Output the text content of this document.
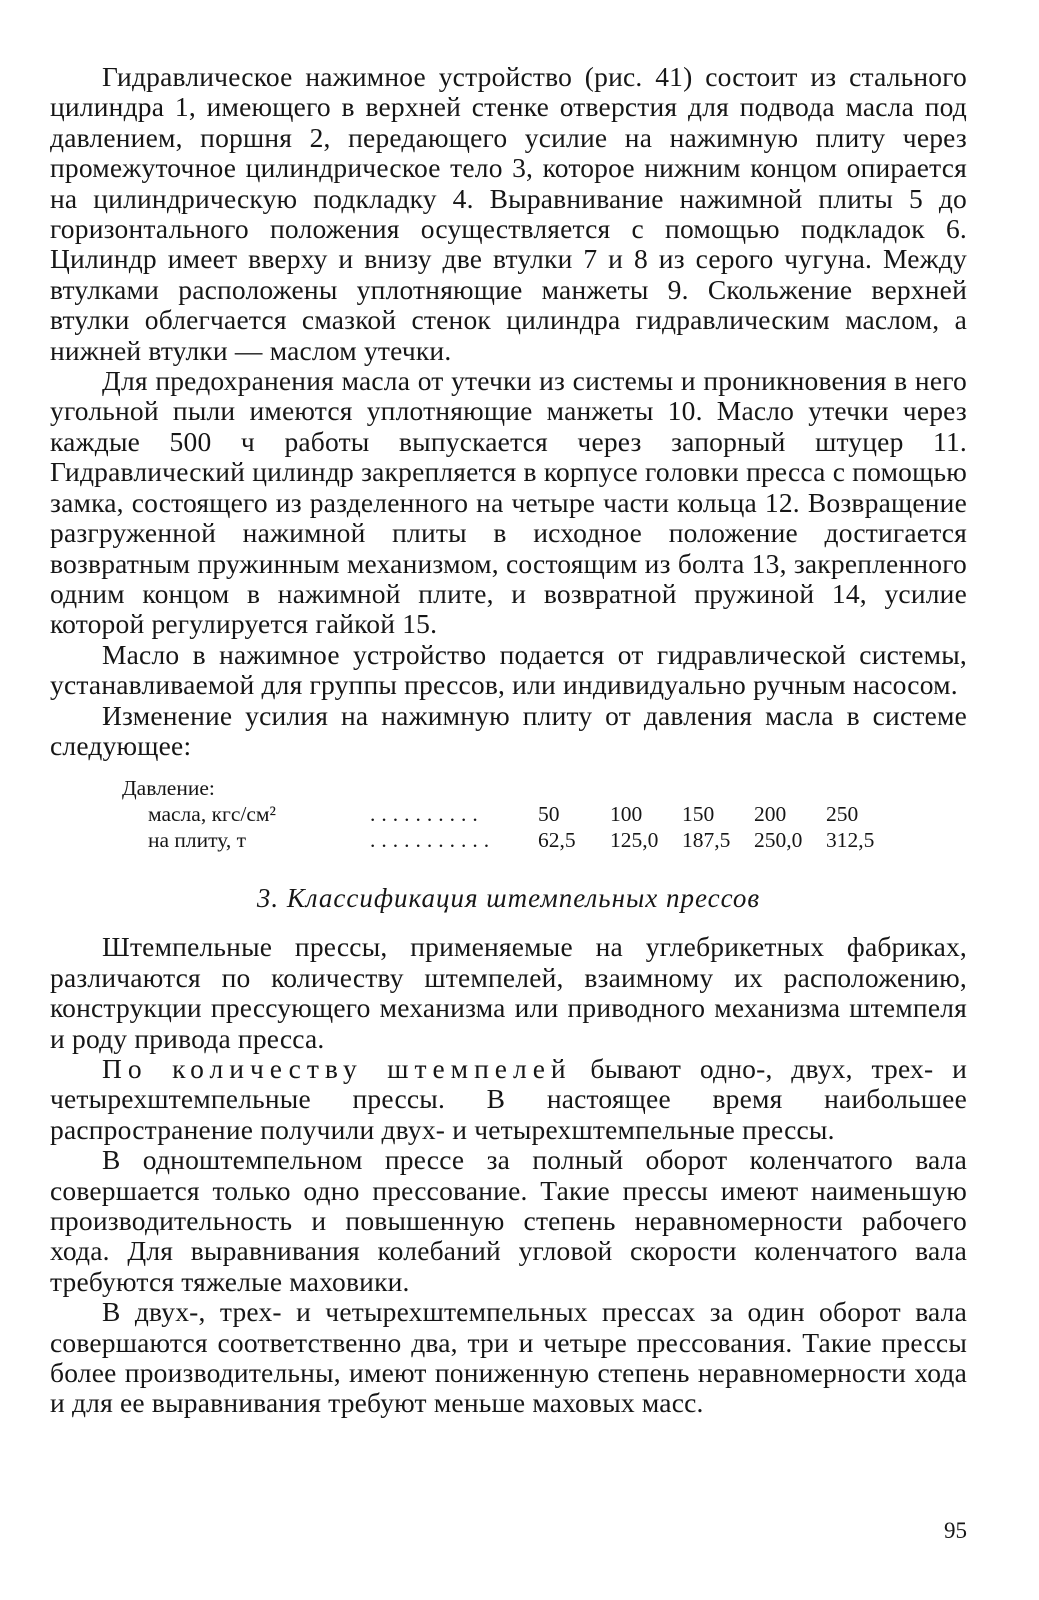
Гидравлическое нажимное устройство (рис. 41) состоит из стального цилиндра 1, имеющего в верхней стенке отверстия для подвода масла под давлением, поршня 2, передающего усилие на нажимную плиту через промежуточное цилиндрическое тело 3, которое нижним концом опирается на цилиндрическую подкладку 4. Выравнивание нажимной плиты 5 до горизонтального положения осуществляется с помощью подкладок 6. Цилиндр имеет вверху и внизу две втулки 7 и 8 из серого чугуна. Между втулками расположены уплотняющие манжеты 9. Скольжение верхней втулки облегчается смазкой стенок цилиндра гидравлическим маслом, а нижней втулки — маслом утечки.

Для предохранения масла от утечки из системы и проникновения в него угольной пыли имеются уплотняющие манжеты 10. Масло утечки через каждые 500 ч работы выпускается через запорный штуцер 11. Гидравлический цилиндр закрепляется в корпусе головки пресса с помощью замка, состоящего из разделенного на четыре части кольца 12. Возвращение разгруженной нажимной плиты в исходное положение достигается возвратным пружинным механизмом, состоящим из болта 13, закрепленного одним концом в нажимной плите, и возвратной пружиной 14, усилие которой регулируется гайкой 15.

Масло в нажимное устройство подается от гидравлической системы, устанавливаемой для группы прессов, или индивидуально ручным насосом.

Изменение усилия на нажимную плиту от давления масла в системе следующее:

Давление:
масла, кгс/см²	..........	50	100	150	200	250
на плиту, т	...........	62,5	125,0	187,5	250,0	312,5
3. Классификация штемпельных прессов

Штемпельные прессы, применяемые на углебрикетных фабриках, различаются по количеству штемпелей, взаимному их расположению, конструкции прессующего механизма или приводного механизма штемпеля и роду привода пресса.

По количеству штемпелей бывают одно-, двух, трех- и четырехштемпельные прессы. В настоящее время наибольшее распространение получили двух- и четырехштемпельные прессы.

В одноштемпельном прессе за полный оборот коленчатого вала совершается только одно прессование. Такие прессы имеют наименьшую производительность и повышенную степень неравномерности рабочего хода. Для выравнивания колебаний угловой скорости коленчатого вала требуются тяжелые маховики.

В двух-, трех- и четырехштемпельных прессах за один оборот вала совершаются соответственно два, три и четыре прессования. Такие прессы более производительны, имеют пониженную степень неравномерности хода и для ее выравнивания требуют меньше маховых масс.

95
